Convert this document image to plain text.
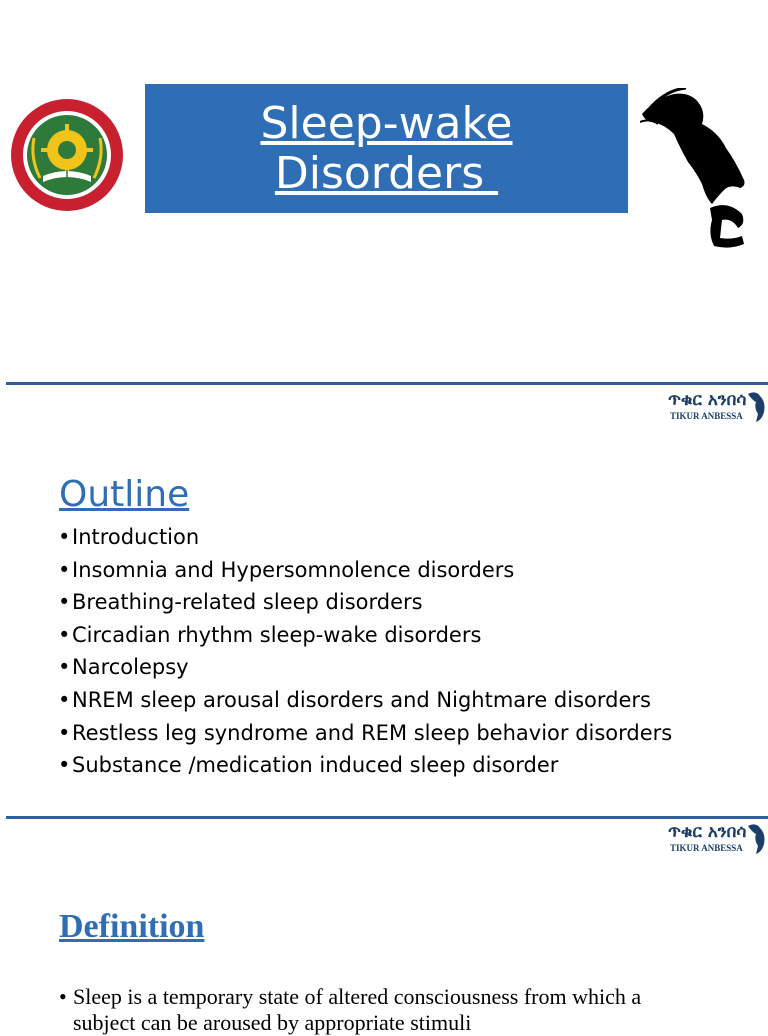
Sleep-wake
Disorders
ጥቁር አንበሳ
TIKUR ANBESSA
Outline
• Introduction
• Insomnia and Hypersomnolence disorders
• Breathing-related sleep disorders
• Circadian rhythm sleep-wake disorders
• Narcolepsy
• NREM sleep arousal disorders and Nightmare disorders
• Restless leg syndrome and REM sleep behavior disorders
• Substance /medication induced sleep disorder
ጥቁር አንበሳ
TIKUR ANBESSA
Definition
• Sleep is a temporary state of altered consciousness from which a subject can be aroused by appropriate stimuli
